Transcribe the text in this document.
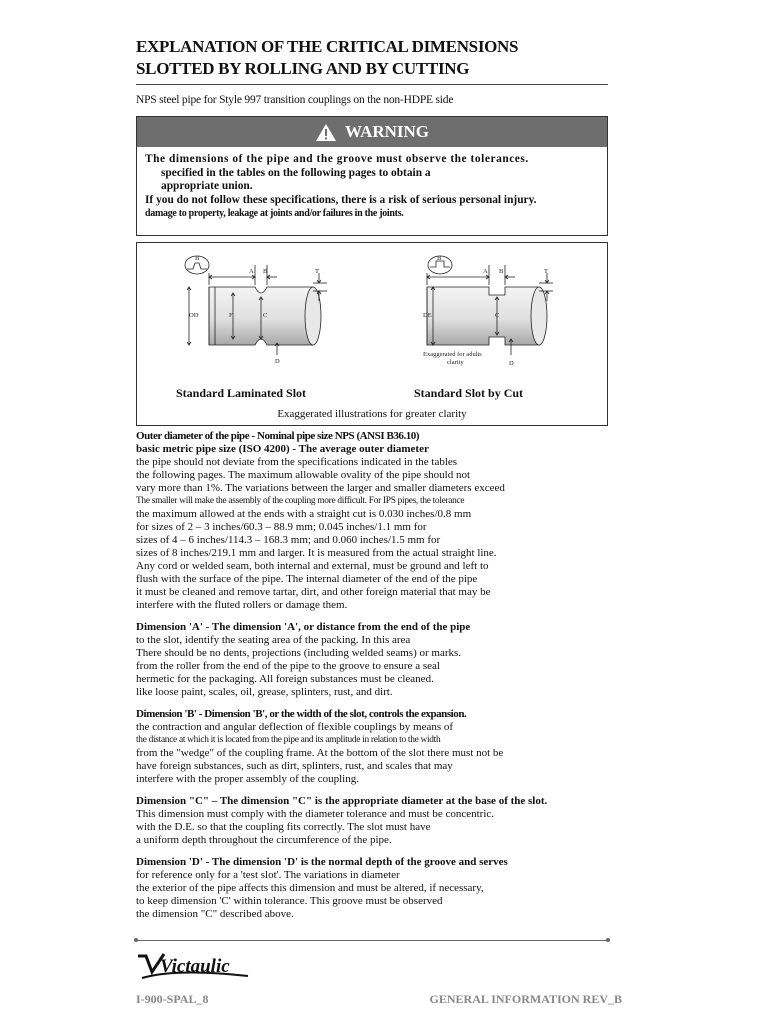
EXPLANATION OF THE CRITICAL DIMENSIONS
SLOTTED BY ROLLING AND BY CUTTING
NPS steel pipe for Style 997 transition couplings on the non-HDPE side
WARNING
The dimensions of the pipe and the groove must observe the tolerances.
specified in the tables on the following pages to obtain a
appropriate union.
If you do not follow these specifications, there is a risk of serious personal injury.
damage to property, leakage at joints and/or failures in the joints.
B
A B	T
OD	F	C
D
B
A B	T
DE	C
D
Exaggerated for adults
clarity
Standard Laminated Slot	Standard Slot by Cut
Exaggerated illustrations for greater clarity
Outer diameter of the pipe - Nominal pipe size NPS (ANSI B36.10)
basic metric pipe size (ISO 4200) - The average outer diameter
the pipe should not deviate from the specifications indicated in the tables
the following pages. The maximum allowable ovality of the pipe should not
vary more than 1%. The variations between the larger and smaller diameters exceed
The smaller will make the assembly of the coupling more difficult. For IPS pipes, the tolerance
the maximum allowed at the ends with a straight cut is 0.030 inches/0.8 mm
for sizes of 2 – 3 inches/60.3 – 88.9 mm; 0.045 inches/1.1 mm for
sizes of 4 – 6 inches/114.3 – 168.3 mm; and 0.060 inches/1.5 mm for
sizes of 8 inches/219.1 mm and larger. It is measured from the actual straight line.
Any cord or welded seam, both internal and external, must be ground and left to
flush with the surface of the pipe. The internal diameter of the end of the pipe
it must be cleaned and remove tartar, dirt, and other foreign material that may be
interfere with the fluted rollers or damage them.
Dimension 'A' - The dimension 'A', or distance from the end of the pipe
to the slot, identify the seating area of the packing. In this area
There should be no dents, projections (including welded seams) or marks.
from the roller from the end of the pipe to the groove to ensure a seal
hermetic for the packaging. All foreign substances must be cleaned.
like loose paint, scales, oil, grease, splinters, rust, and dirt.
Dimension 'B' - Dimension 'B', or the width of the slot, controls the expansion.
the contraction and angular deflection of flexible couplings by means of
the distance at which it is located from the pipe and its amplitude in relation to the width
from the "wedge" of the coupling frame. At the bottom of the slot there must not be
have foreign substances, such as dirt, splinters, rust, and scales that may
interfere with the proper assembly of the coupling.
Dimension "C" – The dimension "C" is the appropriate diameter at the base of the slot.
This dimension must comply with the diameter tolerance and must be concentric.
with the D.E. so that the coupling fits correctly. The slot must have
a uniform depth throughout the circumference of the pipe.
Dimension 'D' - The dimension 'D' is the normal depth of the groove and serves
for reference only for a 'test slot'. The variations in diameter
the exterior of the pipe affects this dimension and must be altered, if necessary,
to keep dimension 'C' within tolerance. This groove must be observed
the dimension "C" described above.
Victaulic
I-900-SPAL_8	GENERAL INFORMATION REV_B
